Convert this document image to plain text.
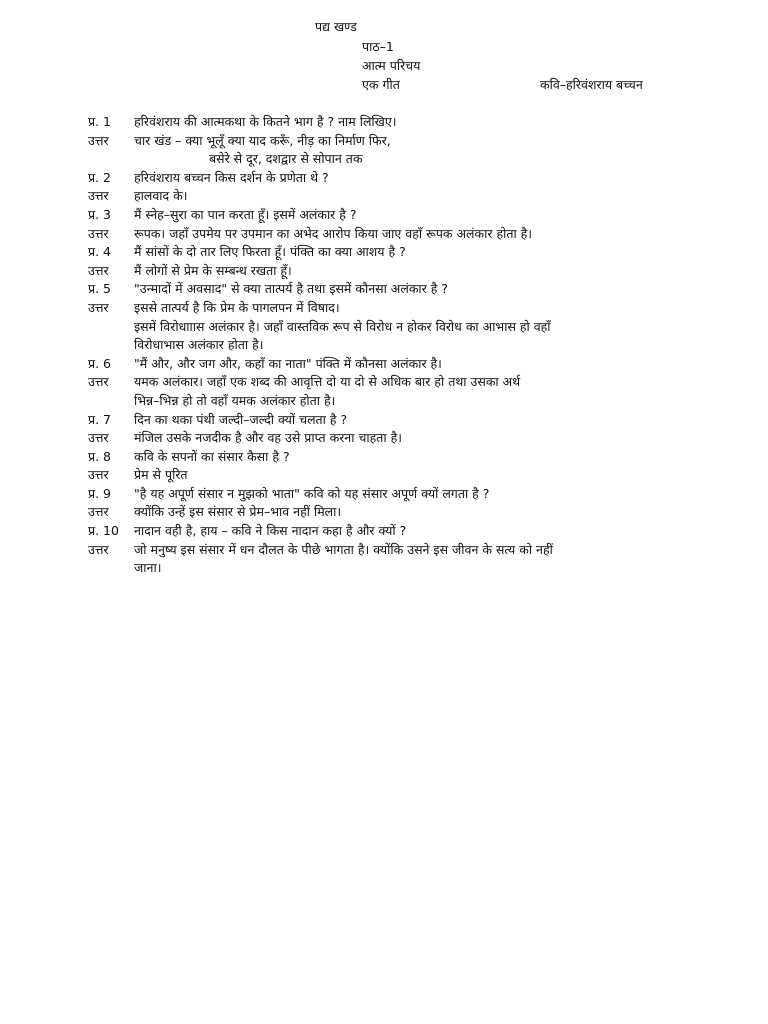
पद्य खण्ड
पाठ–1
आत्म परिचय
एक गीत	कवि–हरिवंशराय बच्चन
प्र. 1	हरिवंशराय की आत्मकथा के कितने भाग है ? नाम लिखिए।
उत्तर	चार खंड – क्या भूलूँ क्या याद करूँ, नीड़ का निर्माण फिर,
बसेरे से दूर, दशद्वार से सोपान तक
प्र. 2	हरिवंशराय बच्चन किस दर्शन के प्रणेता थे ?
उत्तर	हालवाद के।
प्र. 3	मैं स्नेह–सुरा का पान करता हूँ। इसमें अलंकार है ?
उत्तर	रूपक। जहाँ उपमेय पर उपमान का अभेद आरोप किया जाए वहाँ रूपक अलंकार होता है।
प्र. 4	मैं सांसों के दो तार लिए फिरता हूँ। पंक्ति का क्या आशय है ?
उत्तर	मैं लोगों से प्रेम के सम्बन्ध रखता हूँ।
प्र. 5	"उन्मादों में अवसाद" से क्या तात्पर्य है तथा इसमें कौनसा अलंकार है ?
उत्तर	इससे तात्पर्य है कि प्रेम के पागलपन में विषाद।
इसमें विरोधााास अलंकार है। जहाँ वास्तविक रूप से विरोध न होकर विरोध का आभास हो वहाँ
विरोधाभास अलंकार होता है।
प्र. 6	"मैं और, और जग और, कहाँ का नाता" पंक्ति में कौनसा अलंकार है।
उत्तर	यमक अलंकार। जहाँ एक शब्द की आवृत्ति दो या दो से अधिक बार हो तथा उसका अर्थ
भिन्न–भिन्न हो तो वहाँ यमक अलंकार होता है।
प्र. 7	दिन का थका पंथी जल्दी–जल्दी क्यों चलता है ?
उत्तर	मंजिल उसके नजदीक है और वह उसे प्राप्त करना चाहता है।
प्र. 8	कवि के सपनों का संसार कैसा है ?
उत्तर	प्रेम से पूरित
प्र. 9	"है यह अपूर्ण संसार न मुझको भाता" कवि को यह संसार अपूर्ण क्यों लगता है ?
उत्तर	क्योंकि उन्हें इस संसार से प्रेम–भाव नहीं मिला।
प्र. 10	नादान वही है, हाय – कवि ने किस नादान कहा है और क्यों ?
उत्तर	जो मनुष्य इस संसार में धन दौलत के पीछे भागता है। क्योंकि उसने इस जीवन के सत्य को नहीं
जाना।
